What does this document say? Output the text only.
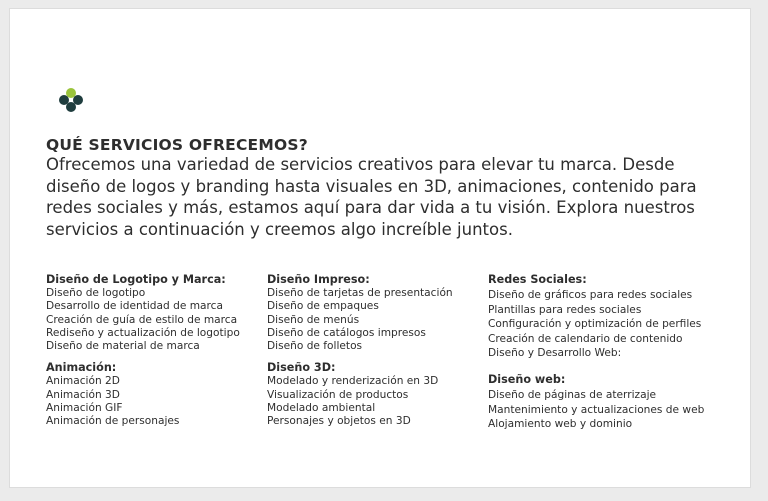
QUÉ SERVICIOS OFRECEMOS?
Ofrecemos una variedad de servicios creativos para elevar tu marca. Desde diseño de logos y branding hasta visuales en 3D, animaciones, contenido para redes sociales y más, estamos aquí para dar vida a tu visión. Explora nuestros servicios a continuación y creemos algo increíble juntos.
Diseño de Logotipo y Marca:
Diseño de logotipo
Desarrollo de identidad de marca
Creación de guía de estilo de marca
Rediseño y actualización de logotipo
Diseño de material de marca
Animación:
Animación 2D
Animación 3D
Animación GIF
Animación de personajes
Diseño Impreso:
Diseño de tarjetas de presentación
Diseño de empaques
Diseño de menús
Diseño de catálogos impresos
Diseño de folletos
Diseño 3D:
Modelado y renderización en 3D
Visualización de productos
Modelado ambiental
Personajes y objetos en 3D
Redes Sociales:
Diseño de gráficos para redes sociales
Plantillas para redes sociales
Configuración y optimización de perfiles
Creación de calendario de contenido
Diseño y Desarrollo Web:
Diseño web:
Diseño de páginas de aterrizaje
Mantenimiento y actualizaciones de web
Alojamiento web y dominio
